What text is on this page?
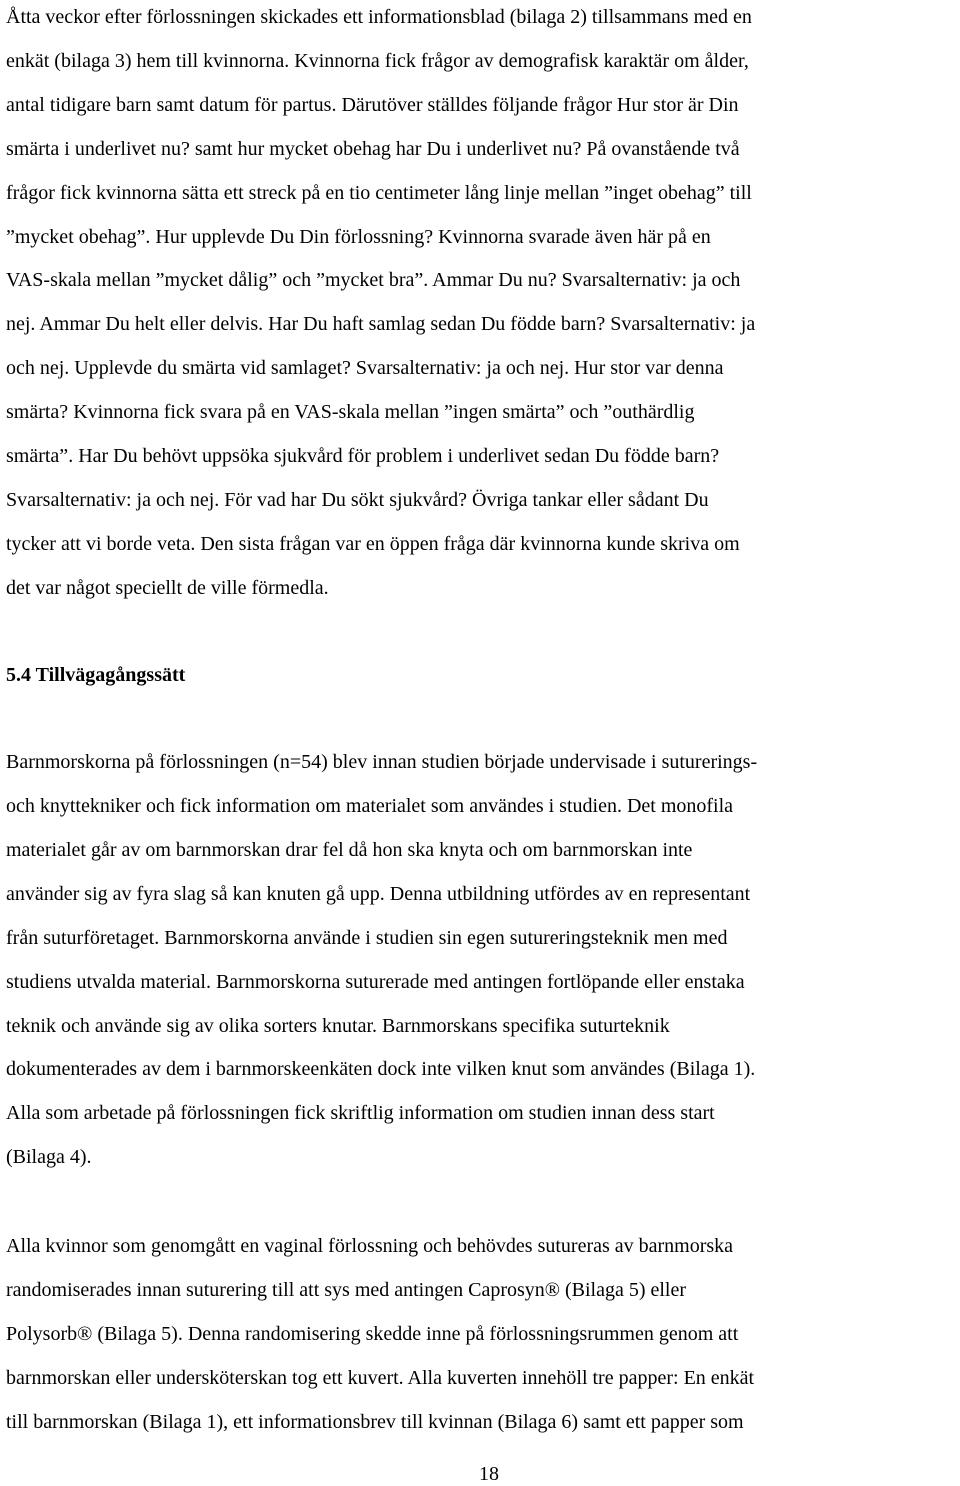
Åtta veckor efter förlossningen skickades ett informationsblad (bilaga 2) tillsammans med en
enkät (bilaga 3) hem till kvinnorna. Kvinnorna fick frågor av demografisk karaktär om ålder,
antal tidigare barn samt datum för partus. Därutöver ställdes följande frågor Hur stor är Din
smärta i underlivet nu? samt hur mycket obehag har Du i underlivet nu? På ovanstående två
frågor fick kvinnorna sätta ett streck på en tio centimeter lång linje mellan ”inget obehag” till
”mycket obehag”. Hur upplevde Du Din förlossning? Kvinnorna svarade även här på en
VAS-skala mellan ”mycket dålig” och ”mycket bra”. Ammar Du nu? Svarsalternativ: ja och
nej. Ammar Du helt eller delvis. Har Du haft samlag sedan Du födde barn? Svarsalternativ: ja
och nej. Upplevde du smärta vid samlaget? Svarsalternativ: ja och nej. Hur stor var denna
smärta? Kvinnorna fick svara på en VAS-skala mellan ”ingen smärta” och ”outhärdlig
smärta”. Har Du behövt uppsöka sjukvård för problem i underlivet sedan Du födde barn?
Svarsalternativ: ja och nej. För vad har Du sökt sjukvård? Övriga tankar eller sådant Du
tycker att vi borde veta. Den sista frågan var en öppen fråga där kvinnorna kunde skriva om
det var något speciellt de ville förmedla.
5.4 Tillvägagångssätt
Barnmorskorna på förlossningen (n=54) blev innan studien började undervisade i suturerings-
och knyttekniker och fick information om materialet som användes i studien. Det monofila
materialet går av om barnmorskan drar fel då hon ska knyta och om barnmorskan inte
använder sig av fyra slag så kan knuten gå upp. Denna utbildning utfördes av en representant
från suturföretaget. Barnmorskorna använde i studien sin egen sutureringsteknik men med
studiens utvalda material. Barnmorskorna suturerade med antingen fortlöpande eller enstaka
teknik och använde sig av olika sorters knutar. Barnmorskans specifika suturteknik
dokumenterades av dem i barnmorskeenkäten dock inte vilken knut som användes (Bilaga 1).
Alla som arbetade på förlossningen fick skriftlig information om studien innan dess start
(Bilaga 4).
Alla kvinnor som genomgått en vaginal förlossning och behövdes sutureras av barnmorska
randomiserades innan suturering till att sys med antingen Caprosyn® (Bilaga 5) eller
Polysorb® (Bilaga 5). Denna randomisering skedde inne på förlossningsrummen genom att
barnmorskan eller undersköterskan tog ett kuvert. Alla kuverten innehöll tre papper: En enkät
till barnmorskan (Bilaga 1), ett informationsbrev till kvinnan (Bilaga 6) samt ett papper som
18
